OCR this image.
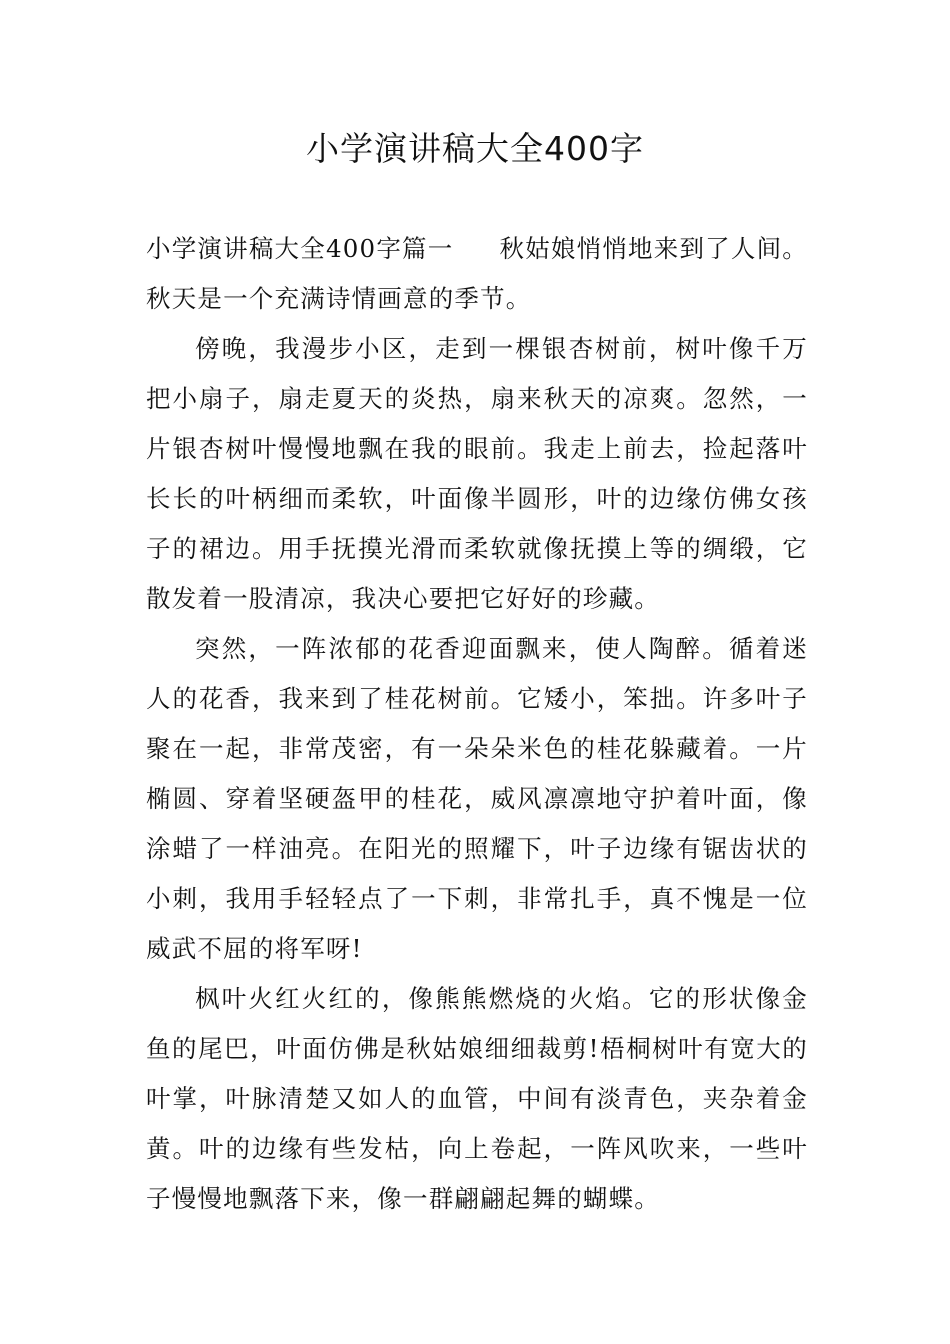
小学演讲稿大全400字

小学演讲稿大全400字篇一 秋姑娘悄悄地来到了人间。秋天是一个充满诗情画意的季节。

傍晚，我漫步小区，走到一棵银杏树前，树叶像千万把小扇子，扇走夏天的炎热，扇来秋天的凉爽。忽然，一片银杏树叶慢慢地飘在我的眼前。我走上前去，捡起落叶长长的叶柄细而柔软，叶面像半圆形，叶的边缘仿佛女孩子的裙边。用手抚摸光滑而柔软就像抚摸上等的绸缎，它散发着一股清凉，我决心要把它好好的珍藏。

突然，一阵浓郁的花香迎面飘来，使人陶醉。循着迷人的花香，我来到了桂花树前。它矮小，笨拙。许多叶子聚在一起，非常茂密，有一朵朵米色的桂花躲藏着。一片椭圆、穿着坚硬盔甲的桂花，威风凛凛地守护着叶面，像涂蜡了一样油亮。在阳光的照耀下，叶子边缘有锯齿状的小刺，我用手轻轻点了一下刺，非常扎手，真不愧是一位威武不屈的将军呀!

枫叶火红火红的，像熊熊燃烧的火焰。它的形状像金鱼的尾巴，叶面仿佛是秋姑娘细细裁剪!梧桐树叶有宽大的叶掌，叶脉清楚又如人的血管，中间有淡青色，夹杂着金黄。叶的边缘有些发枯，向上卷起，一阵风吹来，一些叶子慢慢地飘落下来，像一群翩翩起舞的蝴蝶。
